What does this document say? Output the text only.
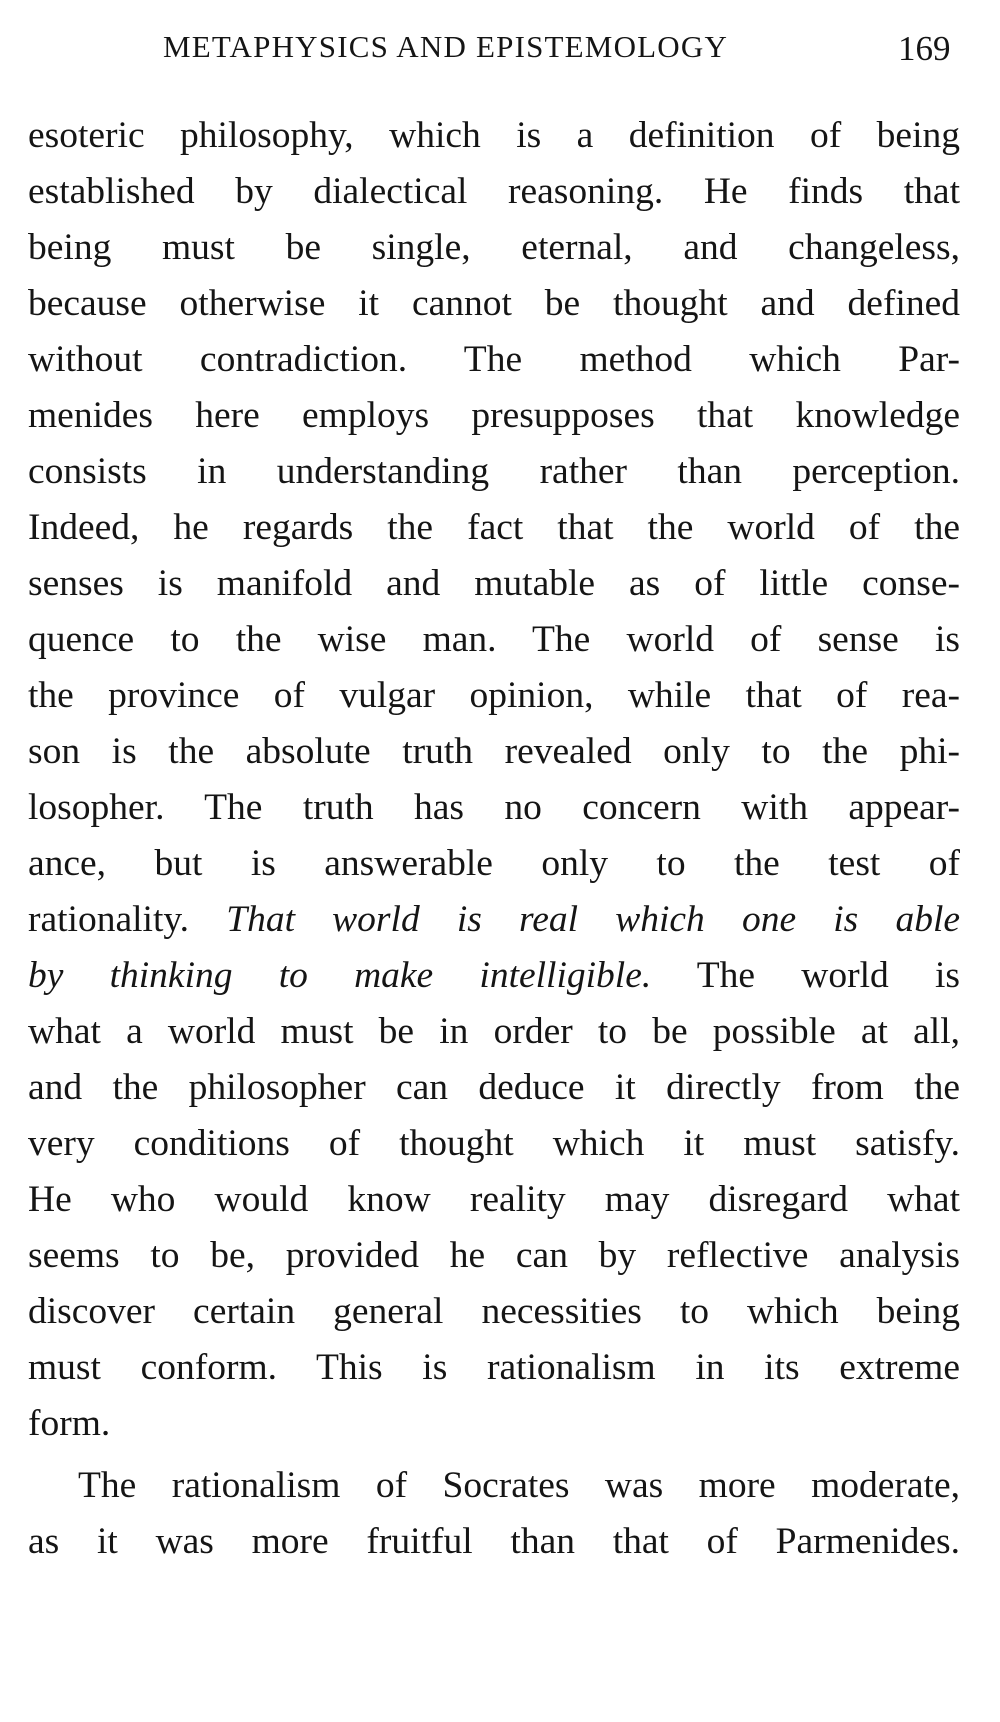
METAPHYSICS AND EPISTEMOLOGY	169
esoteric philosophy, which is a definition of being
established by dialectical reasoning. He finds that
being must be single, eternal, and changeless,
because otherwise it cannot be thought and defined
without contradiction. The method which Par-
menides here employs presupposes that knowledge
consists in understanding rather than perception.
Indeed, he regards the fact that the world of the
senses is manifold and mutable as of little conse-
quence to the wise man. The world of sense is
the province of vulgar opinion, while that of rea-
son is the absolute truth revealed only to the phi-
losopher. The truth has no concern with appear-
ance, but is answerable only to the test of
rationality. That world is real which one is able
by thinking to make intelligible. The world is
what a world must be in order to be possible at all,
and the philosopher can deduce it directly from the
very conditions of thought which it must satisfy.
He who would know reality may disregard what
seems to be, provided he can by reflective analysis
discover certain general necessities to which being
must conform. This is rationalism in its extreme
form.
The rationalism of Socrates was more moderate,
as it was more fruitful than that of Parmenides.
